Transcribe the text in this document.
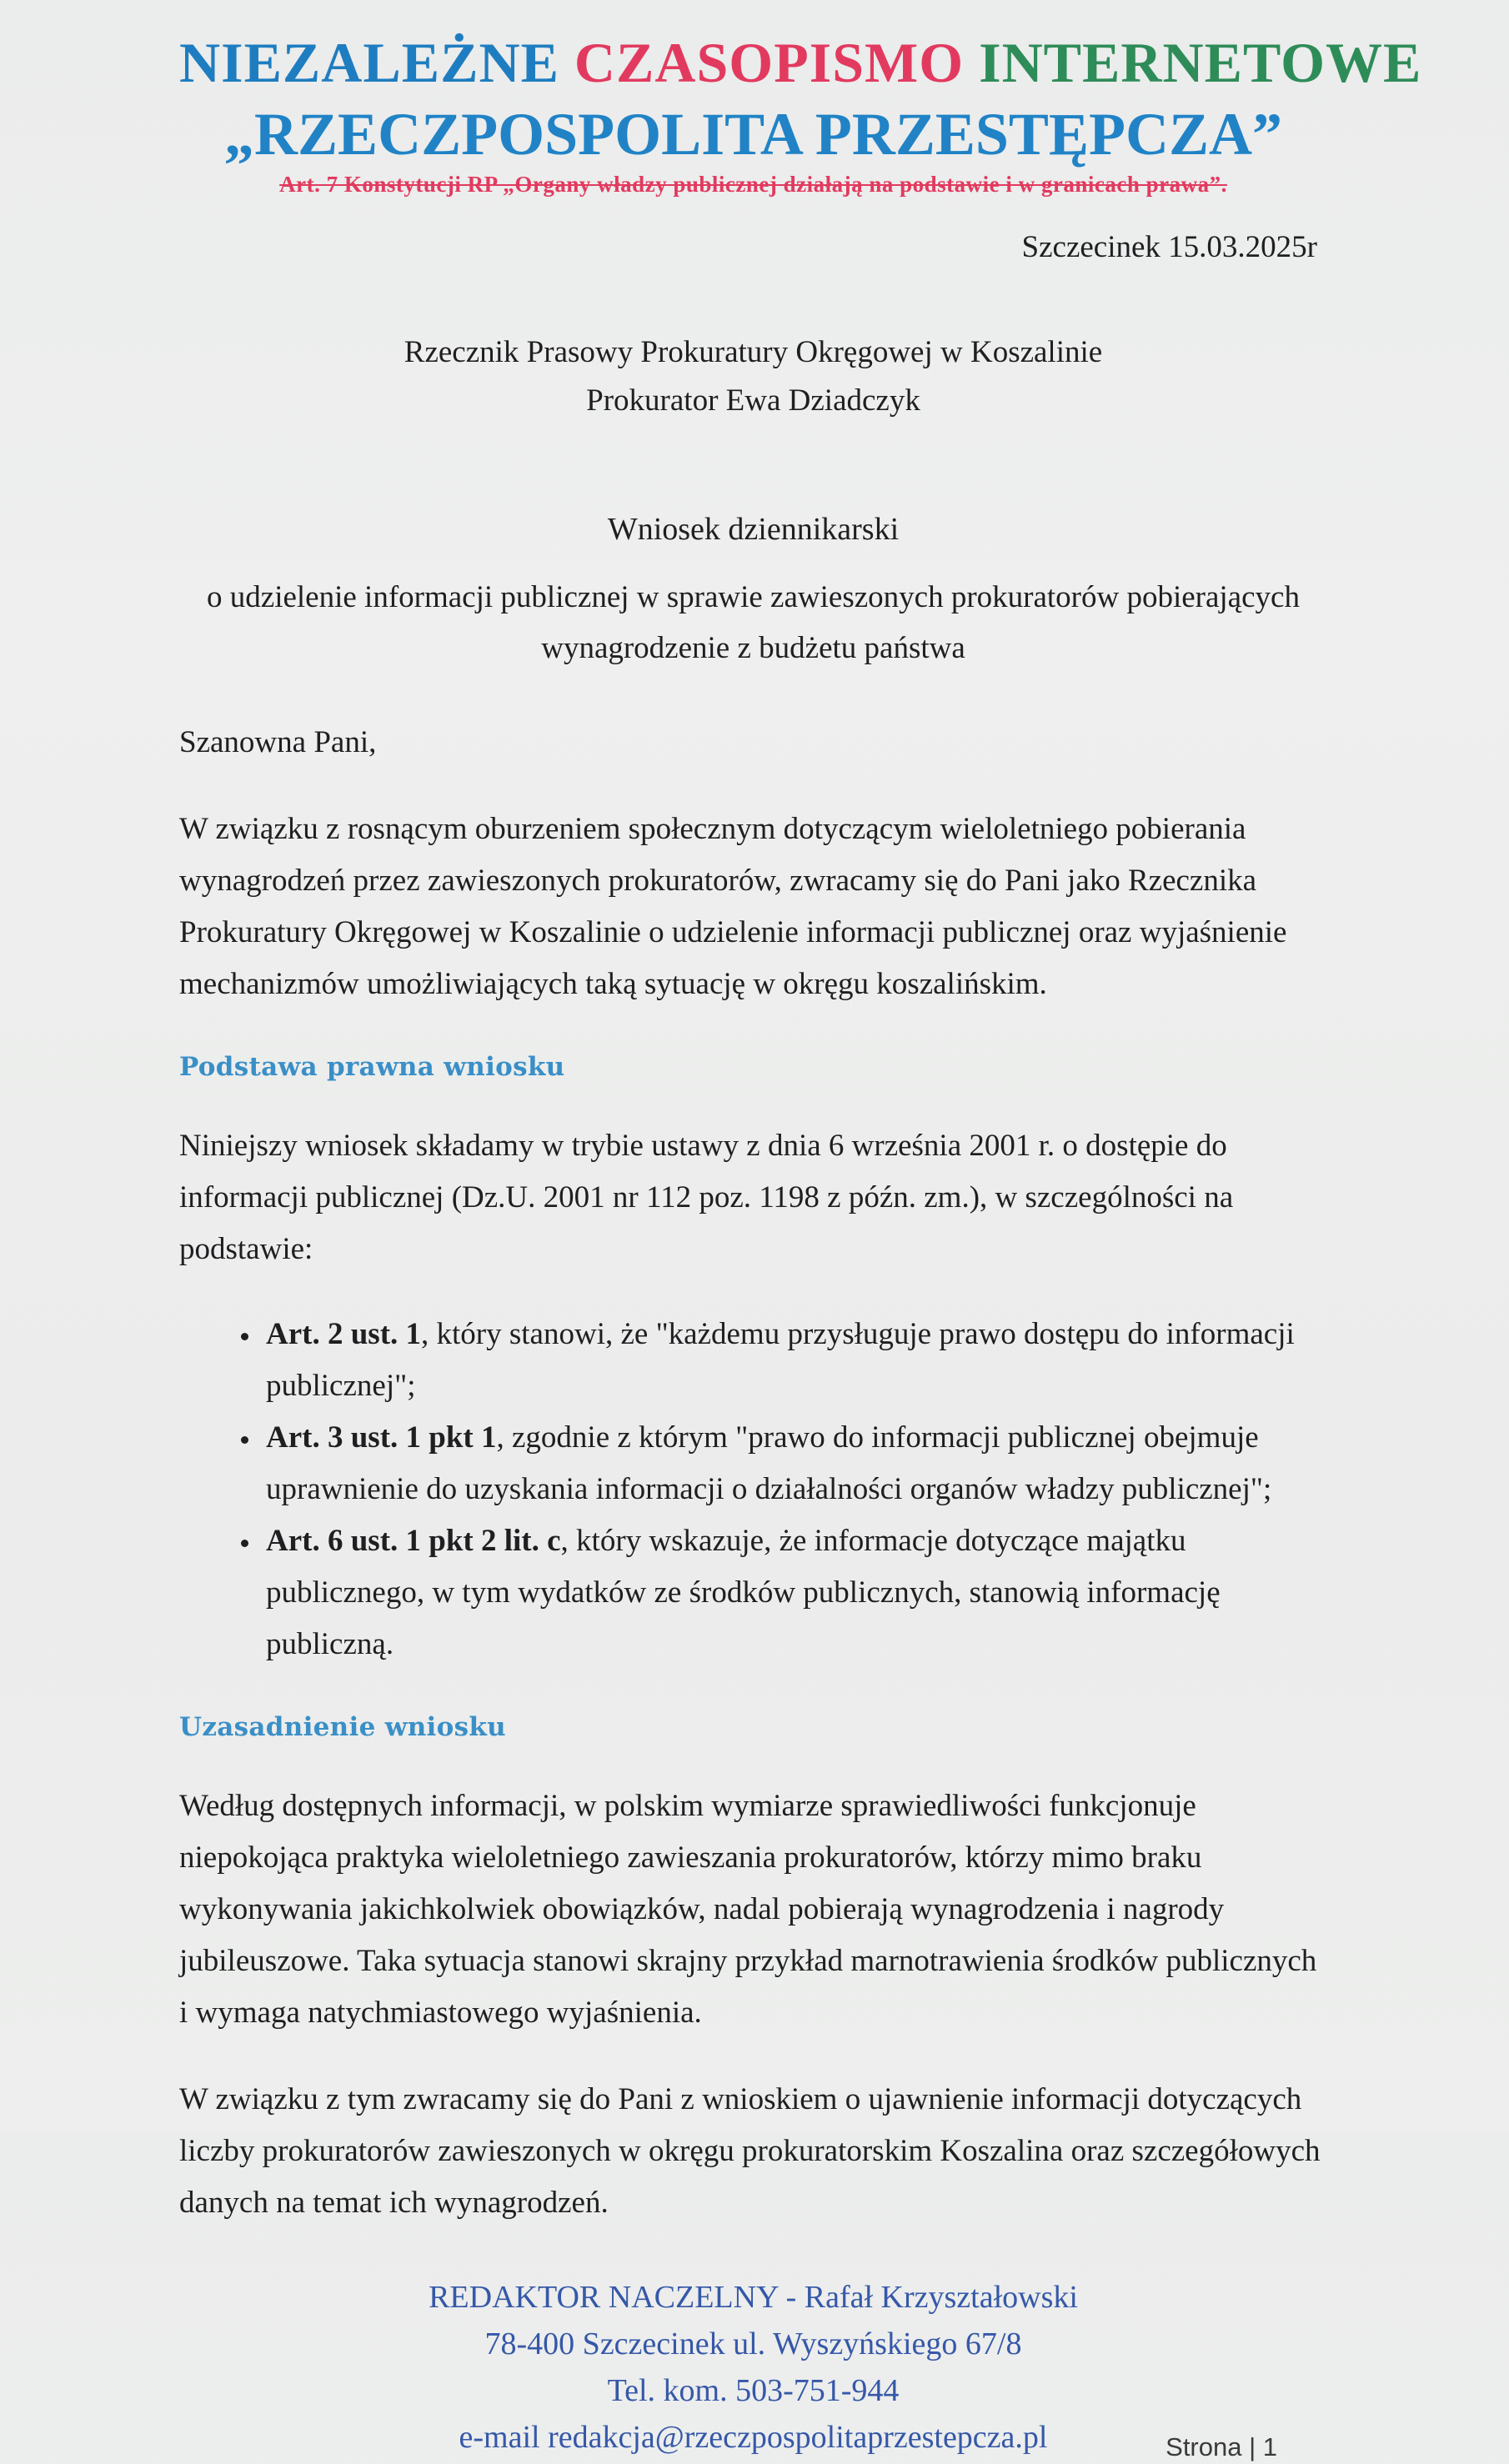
NIEZALEŻNE CZASOPISMO INTERNETOWE
„RZECZPOSPOLITA PRZESTĘPCZA”
Art. 7 Konstytucji RP „Organy władzy publicznej działają na podstawie i w granicach prawa”.
Szczecinek 15.03.2025r
Rzecznik Prasowy Prokuratury Okręgowej w Koszalinie
Prokurator Ewa Dziadczyk
Wniosek dziennikarski
o udzielenie informacji publicznej w sprawie zawieszonych prokuratorów pobierających wynagrodzenie z budżetu państwa
Szanowna Pani,

W związku z rosnącym oburzeniem społecznym dotyczącym wieloletniego pobierania wynagrodzeń przez zawieszonych prokuratorów, zwracamy się do Pani jako Rzecznika Prokuratury Okręgowej w Koszalinie o udzielenie informacji publicznej oraz wyjaśnienie mechanizmów umożliwiających taką sytuację w okręgu koszalińskim.

Podstawa prawna wniosku

Niniejszy wniosek składamy w trybie ustawy z dnia 6 września 2001 r. o dostępie do informacji publicznej (Dz.U. 2001 nr 112 poz. 1198 z późn. zm.), w szczególności na podstawie:

• Art. 2 ust. 1, który stanowi, że "każdemu przysługuje prawo dostępu do informacji publicznej";
• Art. 3 ust. 1 pkt 1, zgodnie z którym "prawo do informacji publicznej obejmuje uprawnienie do uzyskania informacji o działalności organów władzy publicznej";
• Art. 6 ust. 1 pkt 2 lit. c, który wskazuje, że informacje dotyczące majątku publicznego, w tym wydatków ze środków publicznych, stanowią informację publiczną.
Uzasadnienie wniosku

Według dostępnych informacji, w polskim wymiarze sprawiedliwości funkcjonuje niepokojąca praktyka wieloletniego zawieszania prokuratorów, którzy mimo braku wykonywania jakichkolwiek obowiązków, nadal pobierają wynagrodzenia i nagrody jubileuszowe. Taka sytuacja stanowi skrajny przykład marnotrawienia środków publicznych i wymaga natychmiastowego wyjaśnienia.

W związku z tym zwracamy się do Pani z wnioskiem o ujawnienie informacji dotyczących liczby prokuratorów zawieszonych w okręgu prokuratorskim Koszalina oraz szczegółowych danych na temat ich wynagrodzeń.

REDAKTOR NACZELNY - Rafał Krzyształowski
78-400 Szczecinek ul. Wyszyńskiego 67/8
Tel. kom. 503-751-944
e-mail redakcja@rzeczpospolitaprzestepcza.pl	Strona | 1
